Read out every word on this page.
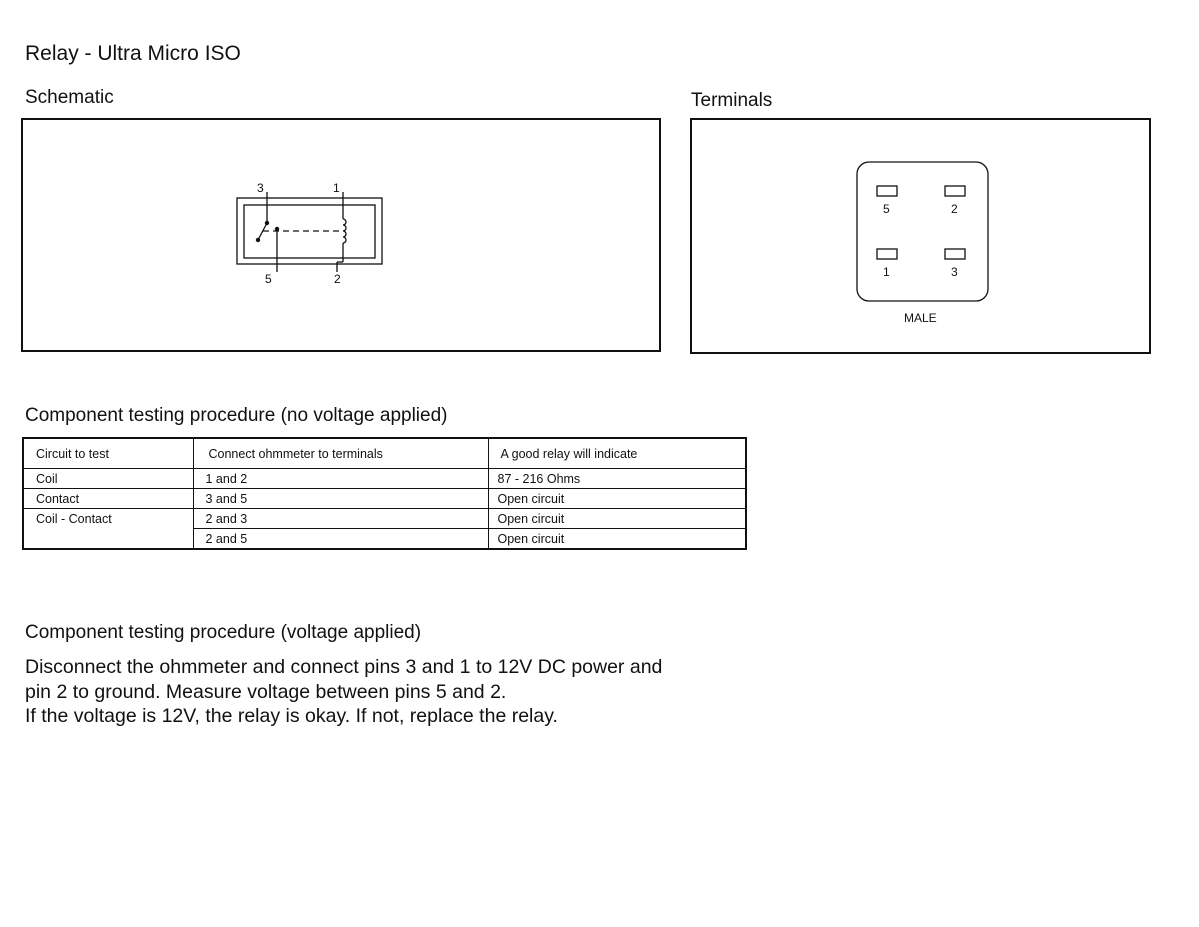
Relay - Ultra Micro ISO
Schematic
3	1
5	2
Terminals
5	2
1	3
MALE
Component testing procedure (no voltage applied)
Circuit to test	Connect ohmmeter to terminals	A good relay will indicate
Coil	1 and 2	87 - 216 Ohms
Contact	3 and 5	Open circuit
Coil - Contact	2 and 3	Open circuit
	2 and 5	Open circuit
Component testing procedure (voltage applied)
Disconnect the ohmmeter and connect pins 3 and 1 to 12V DC power and
pin 2 to ground. Measure voltage between pins 5 and 2.
If the voltage is 12V, the relay is okay. If not, replace the relay.
